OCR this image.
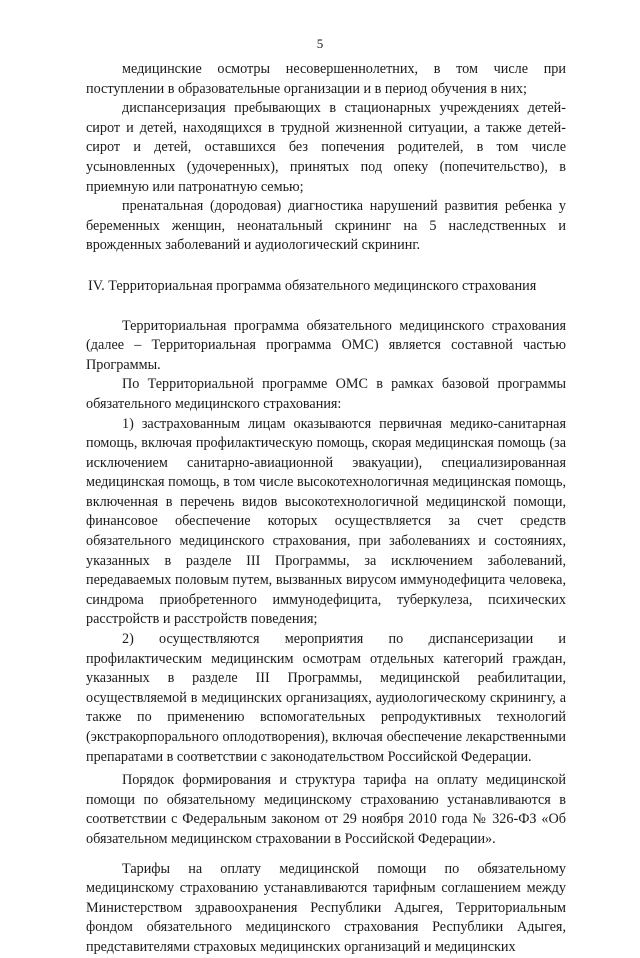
5

медицинские осмотры несовершеннолетних, в том числе при поступлении в образовательные организации и в период обучения в них;

диспансеризация пребывающих в стационарных учреждениях детей-сирот и детей, находящихся в трудной жизненной ситуации, а также детей-сирот и детей, оставшихся без попечения родителей, в том числе усыновленных (удочеренных), принятых под опеку (попечительство), в приемную или патронатную семью;

пренатальная (дородовая) диагностика нарушений развития ребенка у беременных женщин, неонатальный скрининг на 5 наследственных и врожденных заболеваний и аудиологический скрининг.

IV. Территориальная программа обязательного медицинского страхования

Территориальная программа обязательного медицинского страхования (далее – Территориальная программа ОМС) является составной частью Программы.

По Территориальной программе ОМС в рамках базовой программы обязательного медицинского страхования:

1) застрахованным лицам оказываются первичная медико-санитарная помощь, включая профилактическую помощь, скорая медицинская помощь (за исключением санитарно-авиационной эвакуации), специализированная медицинская помощь, в том числе высокотехнологичная медицинская помощь, включенная в перечень видов высокотехнологичной медицинской помощи, финансовое обеспечение которых осуществляется за счет средств обязательного медицинского страхования, при заболеваниях и состояниях, указанных в разделе III Программы, за исключением заболеваний, передаваемых половым путем, вызванных вирусом иммунодефицита человека, синдрома приобретенного иммунодефицита, туберкулеза, психических расстройств и расстройств поведения;

2) осуществляются мероприятия по диспансеризации и профилактическим медицинским осмотрам отдельных категорий граждан, указанных в разделе III Программы, медицинской реабилитации, осуществляемой в медицинских организациях, аудиологическому скринингу, а также по применению вспомогательных репродуктивных технологий (экстракорпорального оплодотворения), включая обеспечение лекарственными препаратами в соответствии с законодательством Российской Федерации.

Порядок формирования и структура тарифа на оплату медицинской помощи по обязательному медицинскому страхованию устанавливаются в соответствии с Федеральным законом от 29 ноября 2010 года № 326-ФЗ «Об обязательном медицинском страховании в Российской Федерации».

Тарифы на оплату медицинской помощи по обязательному медицинскому страхованию устанавливаются тарифным соглашением между Министерством здравоохранения Республики Адыгея, Территориальным фондом обязательного медицинского страхования Республики Адыгея, представителями страховых медицинских организаций и медицинских
